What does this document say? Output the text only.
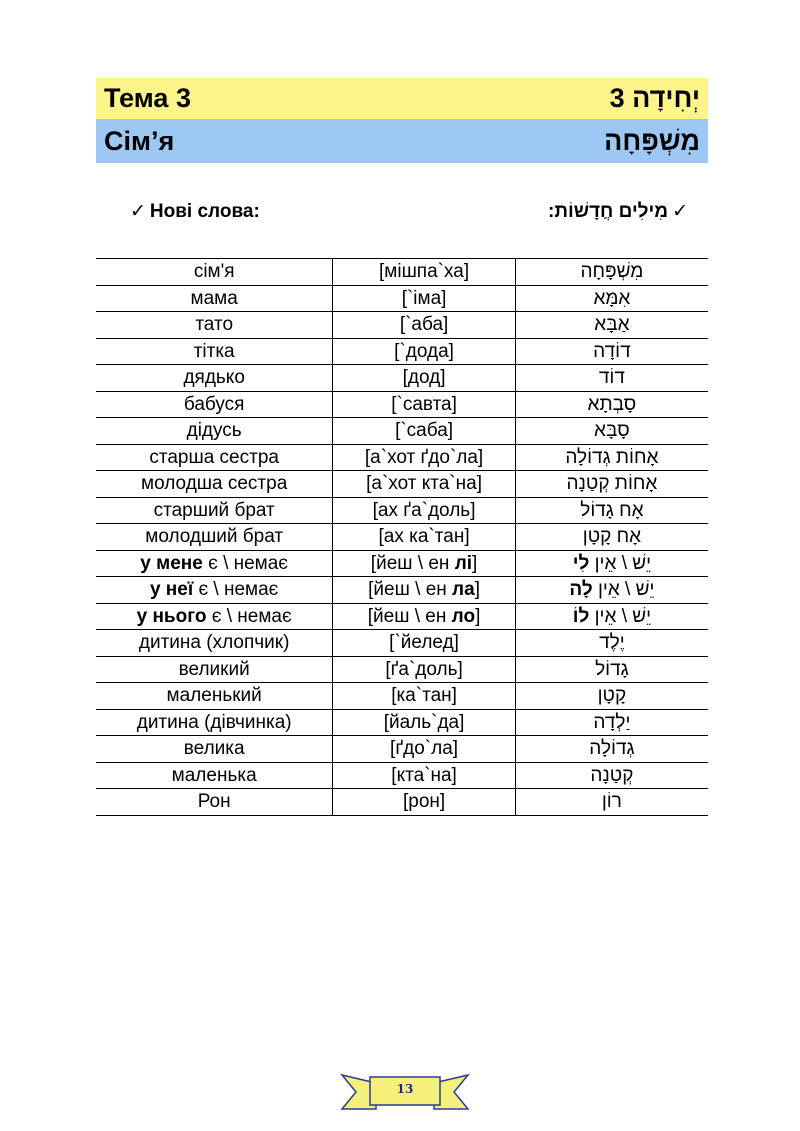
Тема 3	יְחִידָה 3
Сім’я	מִשְׁפָּחָה
✓ Нові слова:	✓מִילִים חֲדָשׁוֹת:
сім'я	[мішпа`ха]	מִשְׁפָּחָה
мама	[`іма]	אִמָּא
тато	[`аба]	אַבָּא
тітка	[`дода]	דוֹדָה
дядько	[дод]	דוֹד
бабуся	[`савта]	סָבְתָא
дідусь	[`саба]	סָבָּא
старша сестра	[а`хот ґдо`ла]	אָחוֹת גְדוֹלָה
молодша сестра	[а`хот кта`на]	אָחוֹת קְטַנָה
старший брат	[ах ґа`доль]	אָח גָדוֹל
молодший брат	[ах ка`тан]	אָח קָטָן
у мене є \ немає	[йеш \ ен лі]	יֵשׁ \ אֵין לִי
у неї є \ немає	[йеш \ ен ла]	יֵשׁ \ אֵין לָה
у нього є \ немає	[йеш \ ен ло]	יֵשׁ \ אֵין לוֹ
дитина (хлопчик)	[`йелед]	יֶלֶד
великий	[ґа`доль]	גָדוֹל
маленький	[ка`тан]	קָטָן
дитина (дівчинка)	[йаль`да]	יַלְדָה
велика	[ґдо`ла]	גְדוֹלָה
маленька	[кта`на]	קְטַנָה
Рон	[рон]	רוֹן
13
